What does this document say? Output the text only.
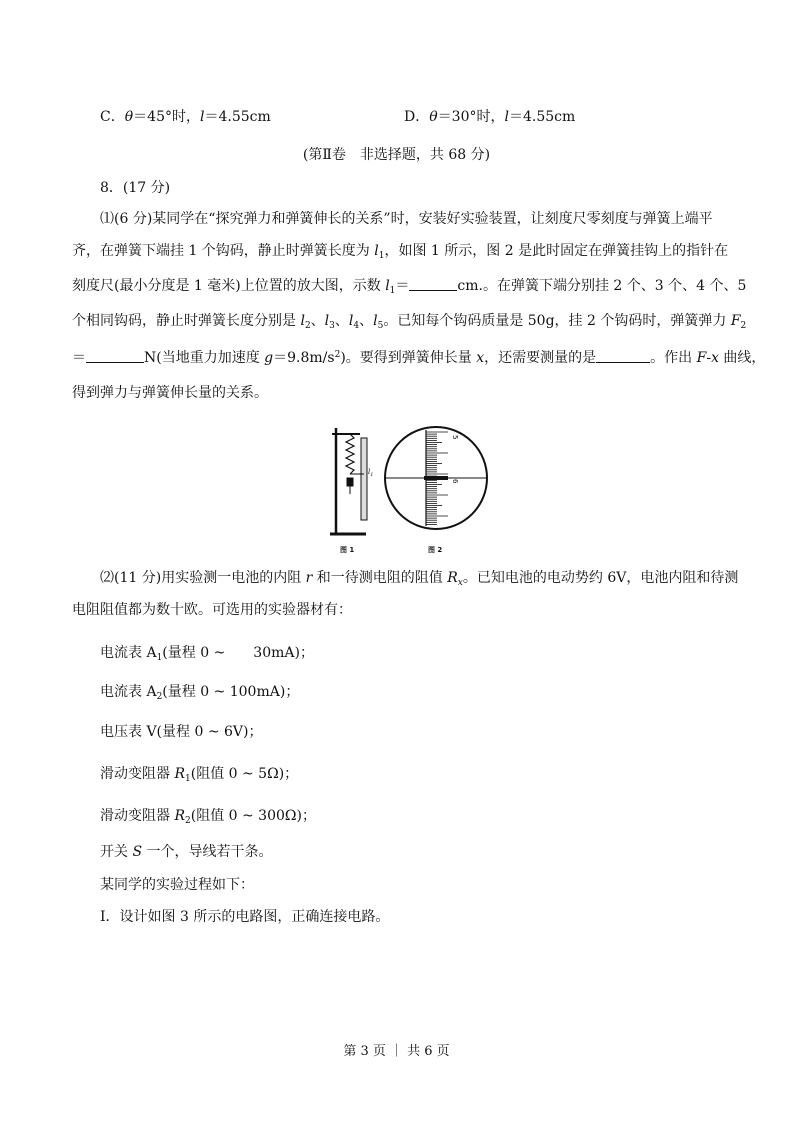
C．θ＝45°时，l＝4.55cm	D．θ＝30°时，l＝4.55cm
(第Ⅱ卷　非选择题，共 68 分)
8．(17 分)
⑴(6 分)某同学在“探究弹力和弹簧伸长的关系”时，安装好实验装置，让刻度尺零刻度与弹簧上端平
齐，在弹簧下端挂 1 个钩码，静止时弹簧长度为 $l_1$，如图 1 所示，图 2 是此时固定在弹簧挂钩上的指针在
刻度尺(最小分度是 1 毫米)上位置的放大图，示数 $l_1=$	cm.。在弹簧下端分别挂 2 个、3 个、4 个、5
个相同钩码，静止时弹簧长度分别是 $l_2$、$l_3$、$l_4$、$l_5$。已知每个钩码质量是 50g，挂 2 个钩码时，弹簧弹力 $F_2$
＝	N(当地重力加速度 $g=9.8m/s^2$)。要得到弹簧伸长量 x，还需要测量的是	。作出 F-x 曲线，
得到弹力与弹簧伸长量的关系。
$l_1$
图 1
5
6
图 2
⑵(11 分)用实验测一电池的内阻 r 和一待测电阻的阻值 $R_x$。已知电池的电动势约 6V，电池内阻和待测
电阻阻值都为数十欧。可选用的实验器材有：
电流表 $A_1$(量程 0 ~　　30mA)；
电流表 $A_2$(量程 0 ~ 100mA)；
电压表 V(量程 0 ~ 6V)；
滑动变阻器 $R_1$(阻值 0 ~ 5Ω)；
滑动变阻器 $R_2$(阻值 0 ~ 300Ω)；
开关 S 一个，导线若干条。
某同学的实验过程如下：
Ⅰ．设计如图 3 所示的电路图，正确连接电路。
第 3 页 ｜ 共 6 页
